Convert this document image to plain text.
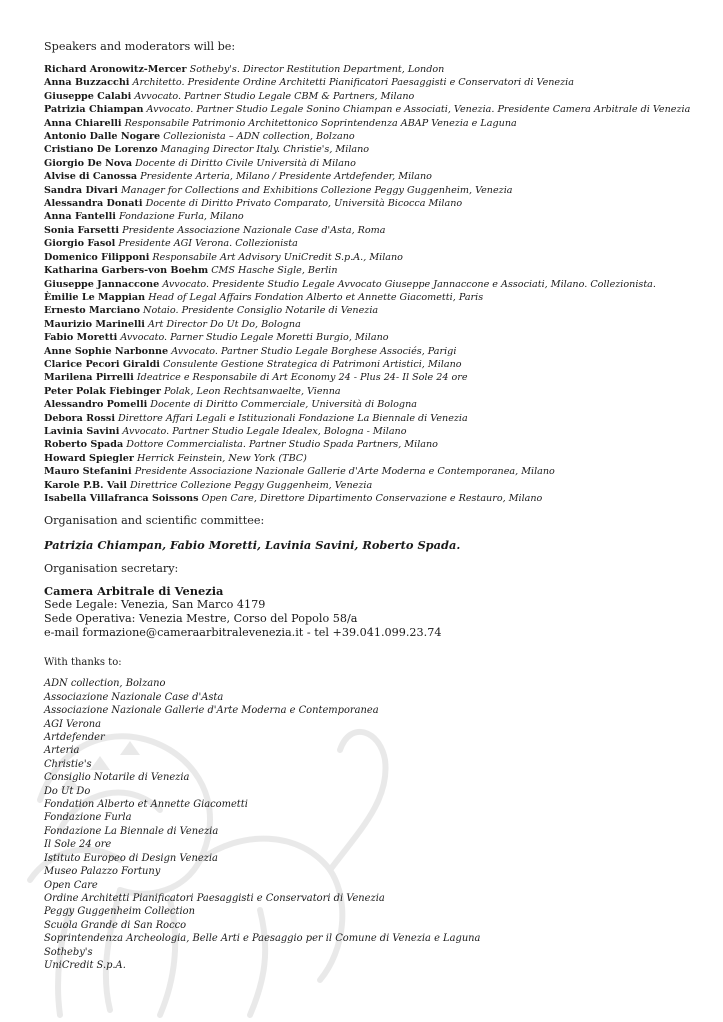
Speakers and moderators will be:

Richard Aronowitz-Mercer Sotheby's. Director Restitution Department, London
Anna Buzzacchi Architetto. Presidente Ordine Architetti Pianificatori Paesaggisti e Conservatori di Venezia
Giuseppe Calabi Avvocato. Partner Studio Legale CBM & Partners, Milano
Patrizia Chiampan Avvocato. Partner Studio Legale Sonino Chiampan e Associati, Venezia. Presidente Camera Arbitrale di Venezia
Anna Chiarelli Responsabile Patrimonio Architettonico Soprintendenza ABAP Venezia e Laguna
Antonio Dalle Nogare Collezionista – ADN collection, Bolzano
Cristiano De Lorenzo Managing Director Italy. Christie's, Milano
Giorgio De Nova Docente di Diritto Civile Università di Milano
Alvise di Canossa Presidente Arteria, Milano / Presidente Artdefender, Milano
Sandra Divari Manager for Collections and Exhibitions Collezione Peggy Guggenheim, Venezia
Alessandra Donati Docente di Diritto Privato Comparato, Università Bicocca Milano
Anna Fantelli Fondazione Furla, Milano
Sonia Farsetti Presidente Associazione Nazionale Case d'Asta, Roma
Giorgio Fasol Presidente AGI Verona. Collezionista
Domenico Filipponi Responsabile Art Advisory UniCredit S.p.A., Milano
Katharina Garbers-von Boehm CMS Hasche Sigle, Berlin
Giuseppe Jannaccone Avvocato. Presidente Studio Legale Avvocato Giuseppe Jannaccone e Associati, Milano. Collezionista.
Èmilie Le Mappian Head of Legal Affairs Fondation Alberto et Annette Giacometti, Paris
Ernesto Marciano Notaio. Presidente Consiglio Notarile di Venezia
Maurizio Marinelli Art Director Do Ut Do, Bologna
Fabio Moretti Avvocato. Parner Studio Legale Moretti Burgio, Milano
Anne Sophie Narbonne Avvocato. Partner Studio Legale Borghese Associés, Parigi
Clarice Pecori Giraldi Consulente Gestione Strategica di Patrimoni Artistici, Milano
Marilena Pirrelli Ideatrice e Responsabile di Art Economy 24 - Plus 24- Il Sole 24 ore
Peter Polak Fiebinger Polak, Leon Rechtsanwaelte, Vienna
Alessandro Pomelli Docente di Diritto Commerciale, Università di Bologna
Debora Rossi Direttore Affari Legali e Istituzionali Fondazione La Biennale di Venezia
Lavinia Savini Avvocato. Partner Studio Legale Idealex, Bologna - Milano
Roberto Spada Dottore Commercialista. Partner Studio Spada Partners, Milano
Howard Spiegler Herrick Feinstein, New York (TBC)
Mauro Stefanini Presidente Associazione Nazionale Gallerie d'Arte Moderna e Contemporanea, Milano
Karole P.B. Vail Direttrice Collezione Peggy Guggenheim, Venezia
Isabella Villafranca Soissons Open Care, Direttore Dipartimento Conservazione e Restauro, Milano
Organisation and scientific committee:
Patrizia Chiampan, Fabio Moretti, Lavinia Savini, Roberto Spada.
Organisation secretary:
Camera Arbitrale di Venezia
Sede Legale: Venezia, San Marco 4179
Sede Operativa: Venezia Mestre, Corso del Popolo 58/a
e-mail formazione@cameraarbitralevenezia.it - tel +39.041.099.23.74
With thanks to:
ADN collection, Bolzano
Associazione Nazionale Case d'Asta
Associazione Nazionale Gallerie d'Arte Moderna e Contemporanea
AGI Verona
Artdefender
Arteria
Christie's
Consiglio Notarile di Venezia
Do Ut Do
Fondation Alberto et Annette Giacometti
Fondazione Furla
Fondazione La Biennale di Venezia
Il Sole 24 ore
Istituto Europeo di Design Venezia
Museo Palazzo Fortuny
Open Care
Ordine Architetti Pianificatori Paesaggisti e Conservatori di Venezia
Peggy Guggenheim Collection
Scuola Grande di San Rocco
Soprintendenza Archeologia, Belle Arti e Paesaggio per il Comune di Venezia e Laguna
Sotheby's
UniCredit S.p.A.
